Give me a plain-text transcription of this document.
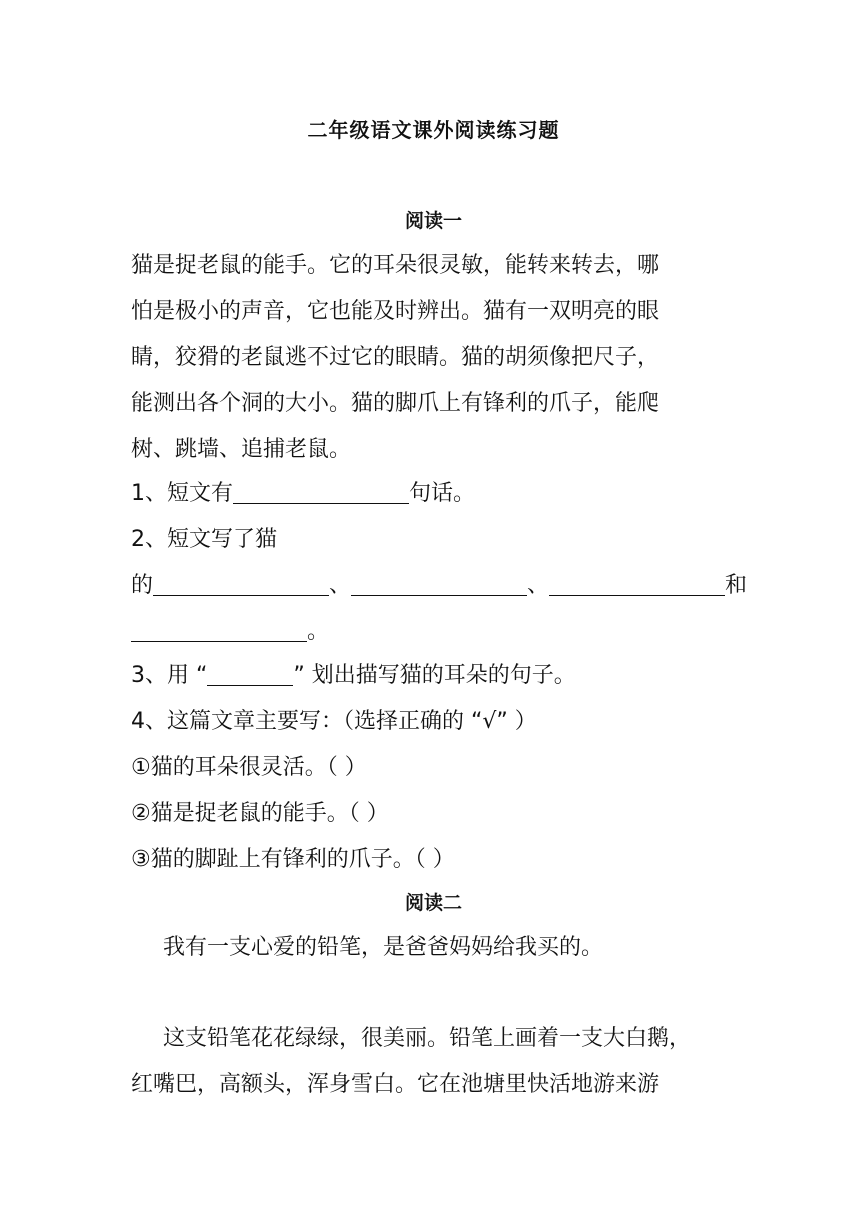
二年级语文课外阅读练习题
阅读一
猫是捉老鼠的能手。它的耳朵很灵敏，能转来转去，哪
怕是极小的声音，它也能及时辨出。猫有一双明亮的眼
睛，狡猾的老鼠逃不过它的眼睛。猫的胡须像把尺子，
能测出各个洞的大小。猫的脚爪上有锋利的爪子，能爬
树、跳墙、追捕老鼠。
1、短文有	句话。
2、短文写了猫
的	、	、	和
。
3、用 “	” 划出描写猫的耳朵的句子。
4、这篇文章主要写：（选择正确的 “√” ）
①猫的耳朵很灵活。（ ）
②猫是捉老鼠的能手。（ ）
③猫的脚趾上有锋利的爪子。（ ）
阅读二
我有一支心爱的铅笔，是爸爸妈妈给我买的。
这支铅笔花花绿绿，很美丽。铅笔上画着一支大白鹅，
红嘴巴，高额头，浑身雪白。它在池塘里快活地游来游
